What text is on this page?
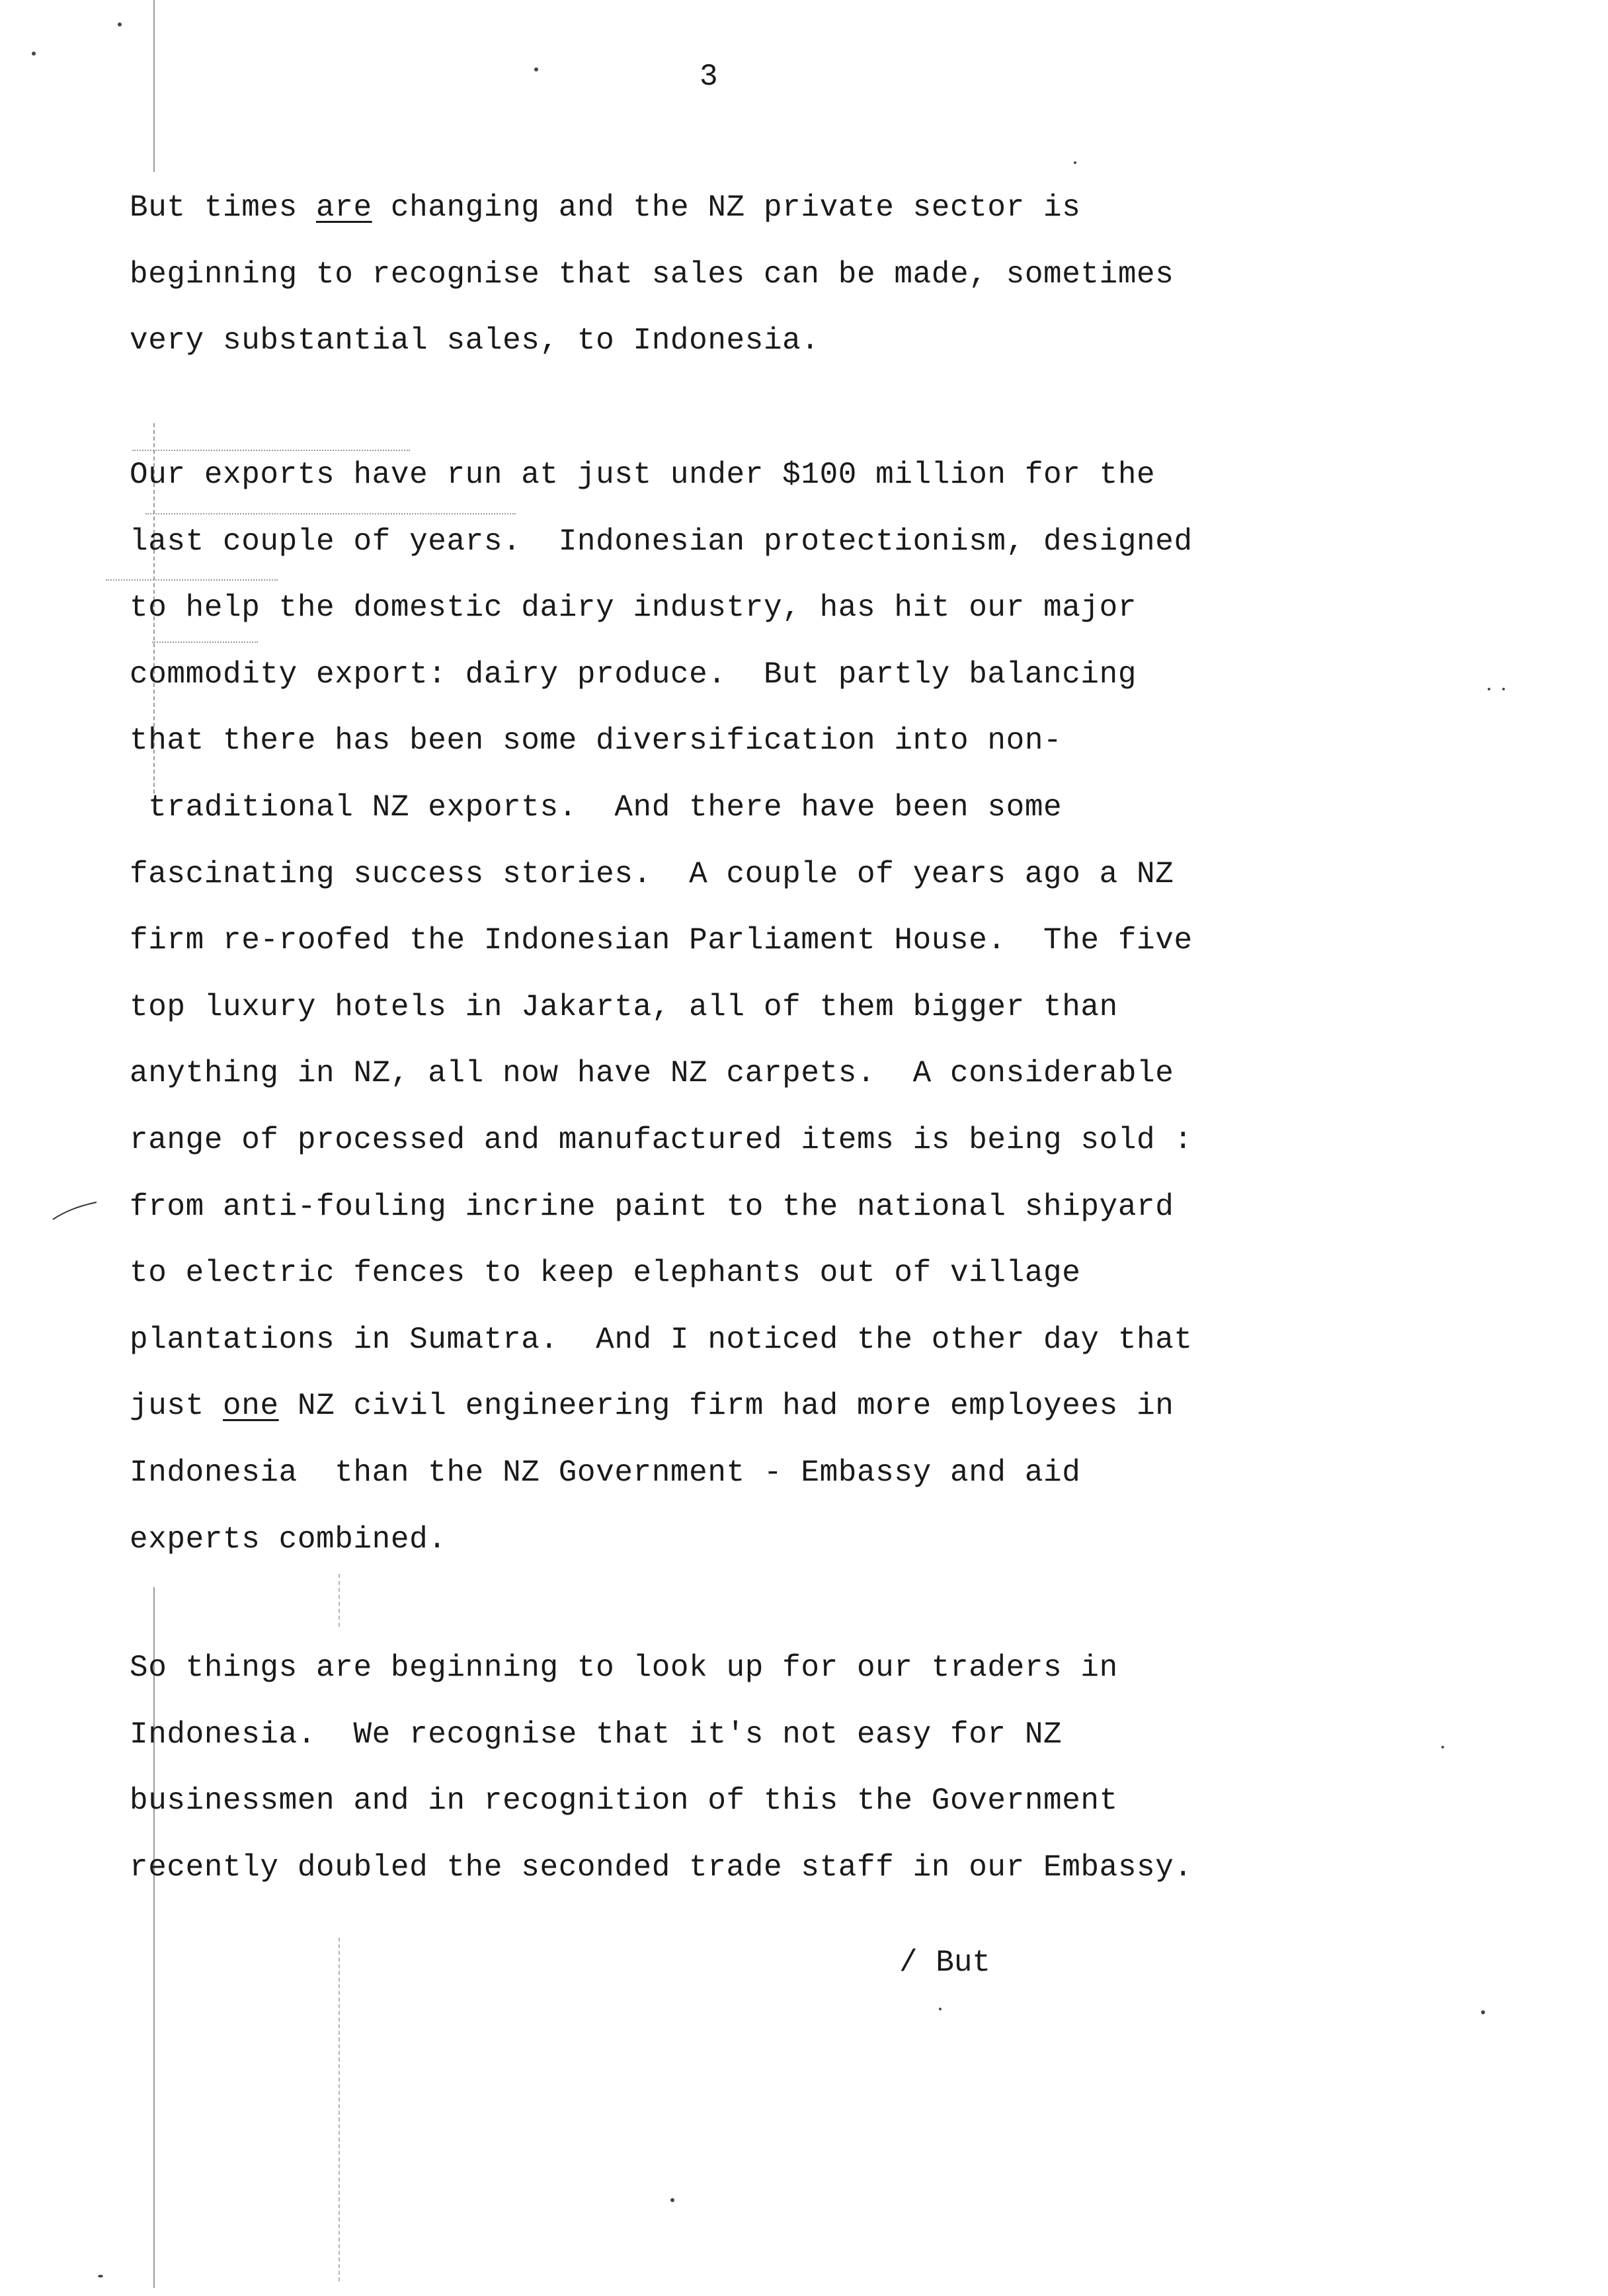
3
But times are changing and the NZ private sector is
beginning to recognise that sales can be made, sometimes
very substantial sales, to Indonesia.
Our exports have run at just under $100 million for the
last couple of years.  Indonesian protectionism, designed
to help the domestic dairy industry, has hit our major
commodity export: dairy produce.  But partly balancing
that there has been some diversification into non-
traditional NZ exports.  And there have been some
fascinating success stories.  A couple of years ago a NZ
firm re-roofed the Indonesian Parliament House.  The five
top luxury hotels in Jakarta, all of them bigger than
anything in NZ, all now have NZ carpets.  A considerable
range of processed and manufactured items is being sold :
from anti-fouling incrine paint to the national shipyard
to electric fences to keep elephants out of village
plantations in Sumatra.  And I noticed the other day that
just one NZ civil engineering firm had more employees in
Indonesia  than the NZ Government - Embassy and aid
experts combined.
So things are beginning to look up for our traders in
Indonesia.  We recognise that it's not easy for NZ
businessmen and in recognition of this the Government
recently doubled the seconded trade staff in our Embassy.
/ But
